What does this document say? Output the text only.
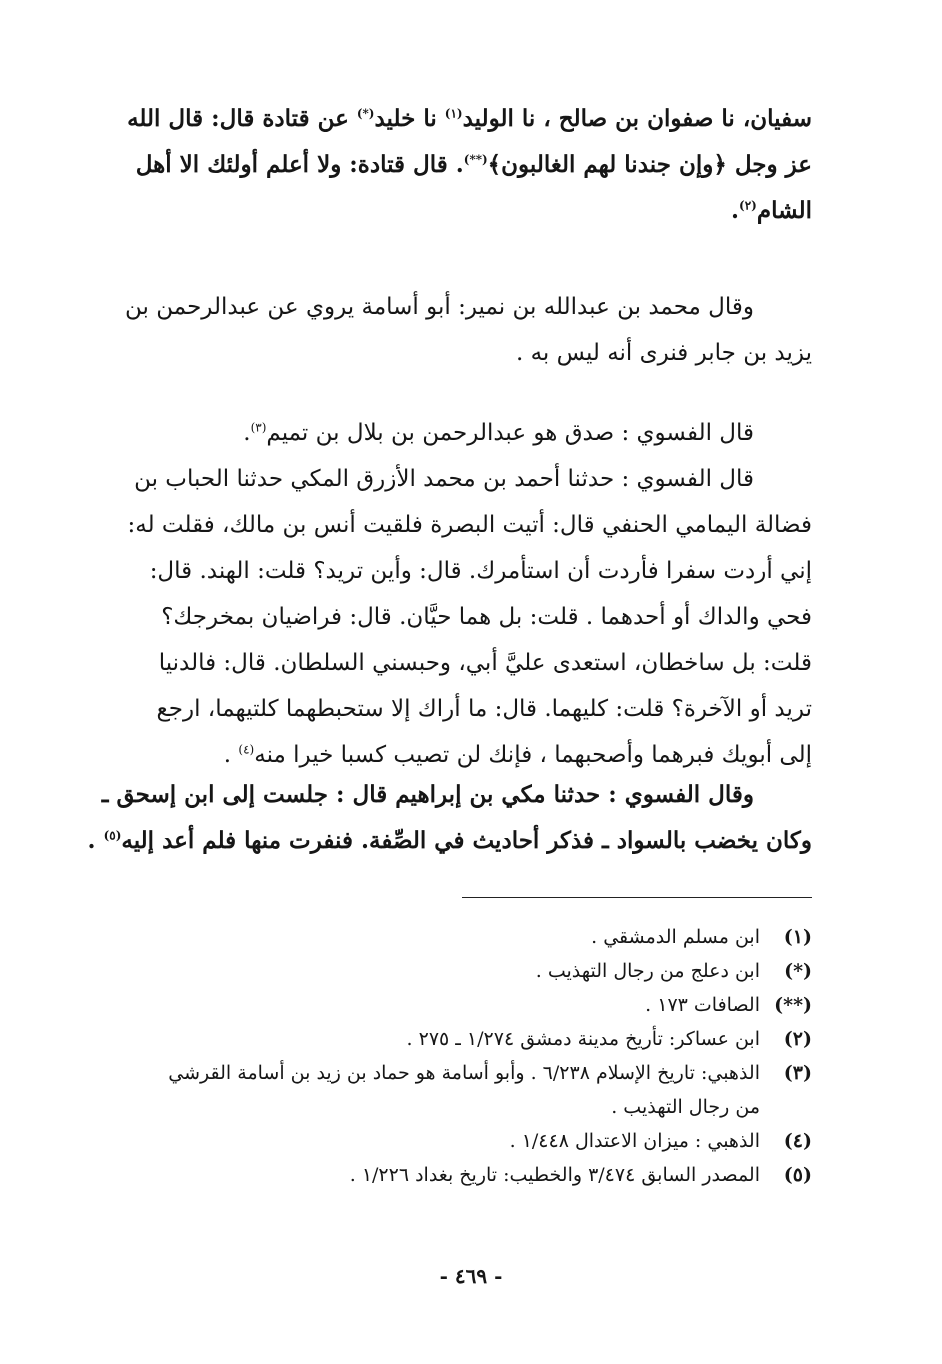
سفيان، نا صفوان بن صالح ، نا الوليد$^{(١)}$ نا خليد(*) عن قتادة قال: قال الله
عز وجل ﴿وإن جندنا لهم الغالبون﴾(**). قال قتادة: ولا أعلم أولئك الا أهل
الشام$^{(٢)}$.
وقال محمد بن عبدالله بن نمير: أبو أسامة يروي عن عبدالرحمن بن
يزيد بن جابر فنرى أنه ليس به .
قال الفسوي : صدق هو عبدالرحمن بن بلال بن تميم$^{(٣)}$.
قال الفسوي : حدثنا أحمد بن محمد الأزرق المكي حدثنا الحباب بن
فضالة اليمامي الحنفي قال: أتيت البصرة فلقيت أنس بن مالك، فقلت له:
إني أردت سفرا فأردت أن استأمرك. قال: وأين تريد؟ قلت: الهند. قال:
فحي والداك أو أحدهما . قلت: بل هما حيَّان. قال: فراضيان بمخرجك؟
قلت: بل ساخطان، استعدى عليَّ أبي، وحبسني السلطان. قال: فالدنيا
تريد أو الآخرة؟ قلت: كليهما. قال: ما أراك إلا ستحبطهما كلتيهما، ارجع
إلى أبويك فبرهما وأصحبهما ، فإنك لن تصيب كسبا خيرا منه$^{(٤)}$ .
وقال الفسوي : حدثنا مكي بن إبراهيم قال : جلست إلى ابن إسحق ـ
وكان يخضب بالسواد ـ فذكر أحاديث في الصِّفة. فنفرت منها فلم أعد إليه$^{(٥)}$ .
(١)
ابن مسلم الدمشقي .
(*)
ابن دعلج من رجال التهذيب .
(**)
الصافات ١٧٣ .
(٢)
ابن عساكر: تأريخ مدينة دمشق ١/٢٧٤ ـ ٢٧٥ .
(٣)
الذهبي: تاريخ الإسلام ٦/٢٣٨ . وأبو أسامة هو حماد بن زيد بن أسامة القرشي
من رجال التهذيب .
(٤)
الذهبي : ميزان الاعتدال ١/٤٤٨ .
(٥)
المصدر السابق ٣/٤٧٤ والخطيب: تاريخ بغداد ١/٢٢٦ .
- ٤٦٩ -
